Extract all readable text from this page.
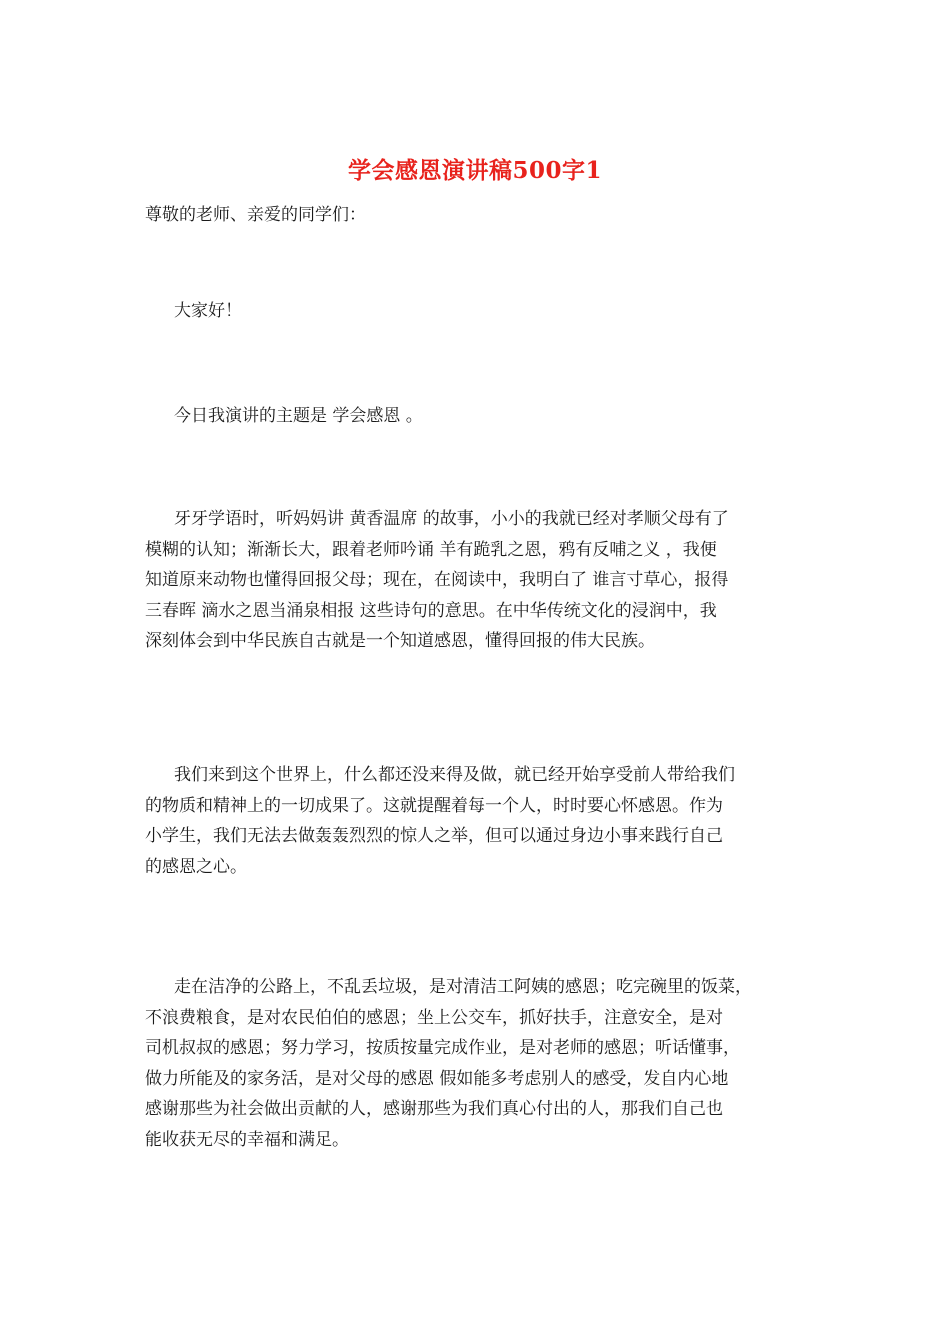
学会感恩演讲稿500字1
尊敬的老师、亲爱的同学们：

大家好！

今日我演讲的主题是 学会感恩 。

牙牙学语时，听妈妈讲 黄香温席 的故事，小小的我就已经对孝顺父母有了
模糊的认知；渐渐长大，跟着老师吟诵 羊有跪乳之恩，鸦有反哺之义 ，我便
知道原来动物也懂得回报父母；现在，在阅读中，我明白了 谁言寸草心，报得
三春晖 滴水之恩当涌泉相报 这些诗句的意思。在中华传统文化的浸润中，我
深刻体会到中华民族自古就是一个知道感恩，懂得回报的伟大民族。

我们来到这个世界上，什么都还没来得及做，就已经开始享受前人带给我们
的物质和精神上的一切成果了。这就提醒着每一个人，时时要心怀感恩。作为
小学生，我们无法去做轰轰烈烈的惊人之举，但可以通过身边小事来践行自己
的感恩之心。

走在洁净的公路上，不乱丢垃圾，是对清洁工阿姨的感恩；吃完碗里的饭菜，
不浪费粮食，是对农民伯伯的感恩；坐上公交车，抓好扶手，注意安全，是对
司机叔叔的感恩；努力学习，按质按量完成作业，是对老师的感恩；听话懂事，
做力所能及的家务活，是对父母的感恩 假如能多考虑别人的感受，发自内心地
感谢那些为社会做出贡献的人，感谢那些为我们真心付出的人，那我们自己也
能收获无尽的幸福和满足。
